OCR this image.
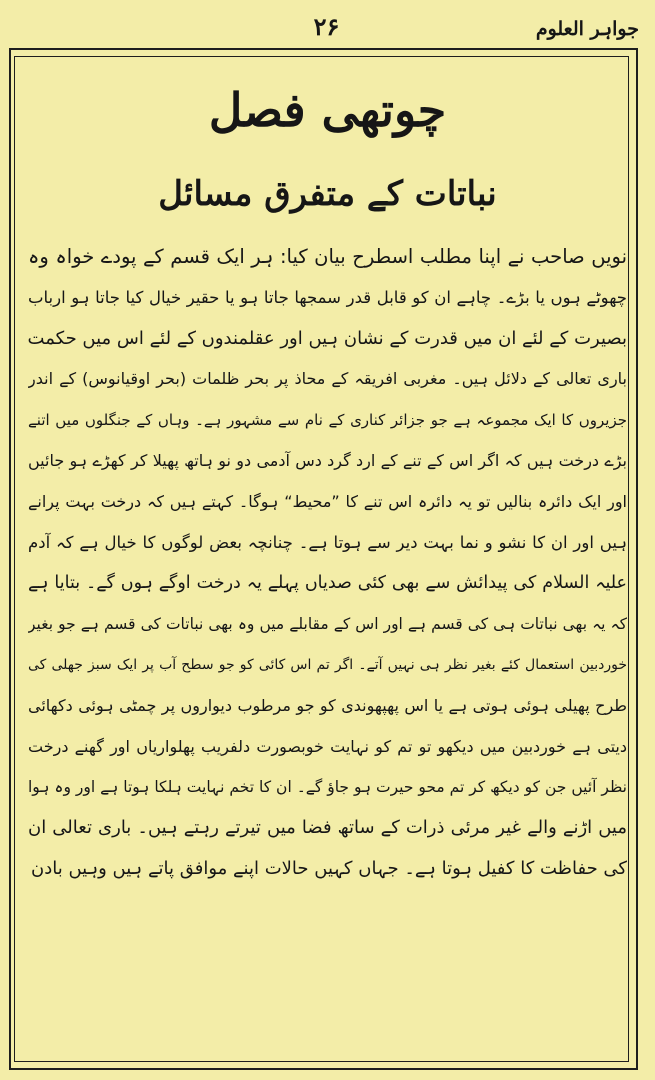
جواہر العلوم
۲۶
چوتھی فصل
نباتات کے متفرق مسائل
نویں صاحب نے اپنا مطلب اسطرح بیان کیا: ہر ایک قسم کے پودے خواہ وہ
چھوٹے ہوں یا بڑے۔ چاہے ان کو قابل قدر سمجھا جاتا ہو یا حقیر خیال کیا جاتا ہو ارباب
بصیرت کے لئے ان میں قدرت کے نشان ہیں اور عقلمندوں کے لئے اس میں حکمت
باری تعالی کے دلائل ہیں۔ مغربی افریقہ کے محاذ پر بحر ظلمات (بحر اوقیانوس) کے اندر
جزیروں کا ایک مجموعہ ہے جو جزائر کناری کے نام سے مشہور ہے۔ وہاں کے جنگلوں میں اتنے
بڑے درخت ہیں کہ اگر اس کے تنے کے ارد گرد دس آدمی دو نو ہاتھ پھیلا کر کھڑے ہو جائیں
اور ایک دائرہ بنالیں تو یہ دائرہ اس تنے کا ”محیط“ ہوگا۔ کہتے ہیں کہ درخت بہت پرانے
ہیں اور ان کا نشو و نما بہت دیر سے ہوتا ہے۔ چنانچہ بعض لوگوں کا خیال ہے کہ آدم
علیہ السلام کی پیدائش سے بھی کئی صدیاں پہلے یہ درخت اوگے ہوں گے۔ بتایا ہے
کہ یہ بھی نباتات ہی کی قسم ہے اور اس کے مقابلے میں وہ بھی نباتات کی قسم ہے جو بغیر
خوردبین استعمال کئے بغیر نظر ہی نہیں آتے۔ اگر تم اس کائی کو جو سطح آب پر ایک سبز جھلی کی
طرح پھیلی ہوئی ہوتی ہے یا اس پھپھوندی کو جو مرطوب دیواروں پر چمٹی ہوئی دکھائی
دیتی ہے خوردبین میں دیکھو تو تم کو نہایت خوبصورت دلفریب پھلواریاں اور گھنے درخت
نظر آئیں جن کو دیکھ کر تم محو حیرت ہو جاؤ گے۔ ان کا تخم نہایت ہلکا ہوتا ہے اور وہ ہوا
میں اڑنے والے غیر مرئی ذرات کے ساتھ فضا میں تیرتے رہتے ہیں۔ باری تعالی ان
کی حفاظت کا کفیل ہوتا ہے۔ جہاں کہیں حالات اپنے موافق پاتے ہیں وہیں بادن
